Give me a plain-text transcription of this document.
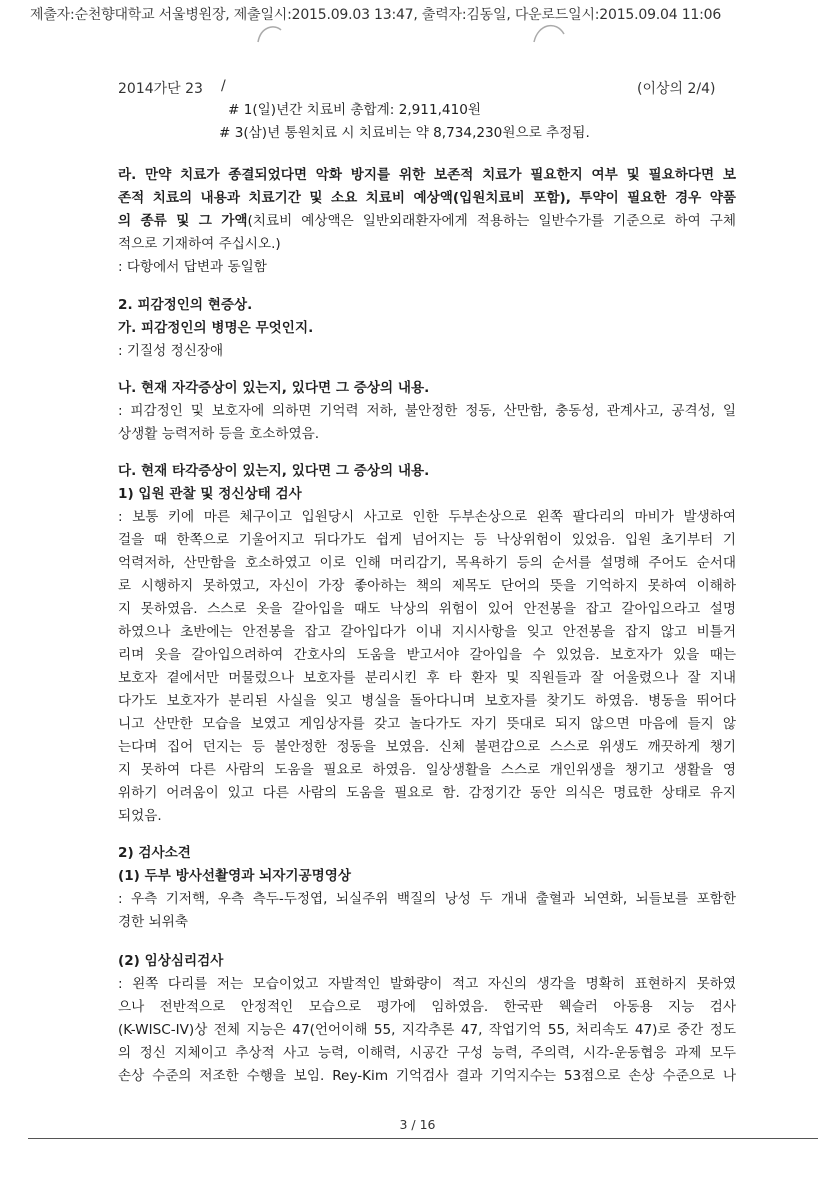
제출자:순천향대학교 서울병원장, 제출일시:2015.09.03 13:47, 출력자:김동일, 다운로드일시:2015.09.04 11:06
2014가단 23 /	(이상의 2/4)
# 1(일)년간 치료비 총합계: 2,911,410원
# 3(삼)년 통원치료 시 치료비는 약 8,734,230원으로 추정됨.
라. 만약 치료가 종결되었다면 악화 방지를 위한 보존적 치료가 필요한지 여부 및 필요하다면 보
존적 치료의 내용과 치료기간 및 소요 치료비 예상액(입원치료비 포함), 투약이 필요한 경우 약품
의 종류 및 그 가액(치료비 예상액은 일반외래환자에게 적용하는 일반수가를 기준으로 하여 구체
적으로 기재하여 주십시오.)
: 다항에서 답변과 동일함
2. 피감정인의 현증상.
가. 피감정인의 병명은 무엇인지.
: 기질성 정신장애
나. 현재 자각증상이 있는지, 있다면 그 증상의 내용.
: 피감정인 및 보호자에 의하면 기억력 저하, 불안정한 정동, 산만함, 충동성, 관계사고, 공격성, 일
상생활 능력저하 등을 호소하였음.
다. 현재 타각증상이 있는지, 있다면 그 증상의 내용.
1) 입원 관찰 및 정신상태 검사
: 보통 키에 마른 체구이고 입원당시 사고로 인한 두부손상으로 왼쪽 팔다리의 마비가 발생하여
걸을 때 한쪽으로 기울어지고 뒤다가도 쉽게 넘어지는 등 낙상위험이 있었음. 입원 초기부터 기
억력저하, 산만함을 호소하였고 이로 인해 머리감기, 목욕하기 등의 순서를 설명해 주어도 순서대
로 시행하지 못하였고, 자신이 가장 좋아하는 책의 제목도 단어의 뜻을 기억하지 못하여 이해하
지 못하였음. 스스로 옷을 갈아입을 때도 낙상의 위험이 있어 안전봉을 잡고 갈아입으라고 설명
하였으나 초반에는 안전봉을 잡고 갈아입다가 이내 지시사항을 잊고 안전봉을 잡지 않고 비틀거
리며 옷을 갈아입으려하여 간호사의 도움을 받고서야 갈아입을 수 있었음. 보호자가 있을 때는
보호자 곁에서만 머물렀으나 보호자를 분리시킨 후 타 환자 및 직원들과 잘 어울렸으나 잘 지내
다가도 보호자가 분리된 사실을 잊고 병실을 돌아다니며 보호자를 찾기도 하였음. 병동을 뛰어다
니고 산만한 모습을 보였고 게임상자를 갖고 놀다가도 자기 뜻대로 되지 않으면 마음에 들지 않
는다며 집어 던지는 등 불안정한 정동을 보였음. 신체 불편감으로 스스로 위생도 깨끗하게 챙기
지 못하여 다른 사람의 도움을 필요로 하였음. 일상생활을 스스로 개인위생을 챙기고 생활을 영
위하기 어려움이 있고 다른 사람의 도움을 필요로 함. 감정기간 동안 의식은 명료한 상태로 유지
되었음.
2) 검사소견
(1) 두부 방사선촬영과 뇌자기공명영상
: 우측 기저핵, 우측 측두-두정엽, 뇌실주위 백질의 낭성 두 개내 출혈과 뇌연화, 뇌들보를 포함한
경한 뇌위축
(2) 임상심리검사
: 왼쪽 다리를 저는 모습이었고 자발적인 발화량이 적고 자신의 생각을 명확히 표현하지 못하였
으나 전반적으로 안정적인 모습으로 평가에 임하였음. 한국판 웩슬러 아동용 지능 검사
(K-WISC-IV)상 전체 지능은 47(언어이해 55, 지각추론 47, 작업기억 55, 처리속도 47)로 중간 정도
의 정신 지체이고 추상적 사고 능력, 이해력, 시공간 구성 능력, 주의력, 시각-운동협응 과제 모두
손상 수준의 저조한 수행을 보임. Rey-Kim 기억검사 결과 기억지수는 53점으로 손상 수준으로 나
3 / 16
